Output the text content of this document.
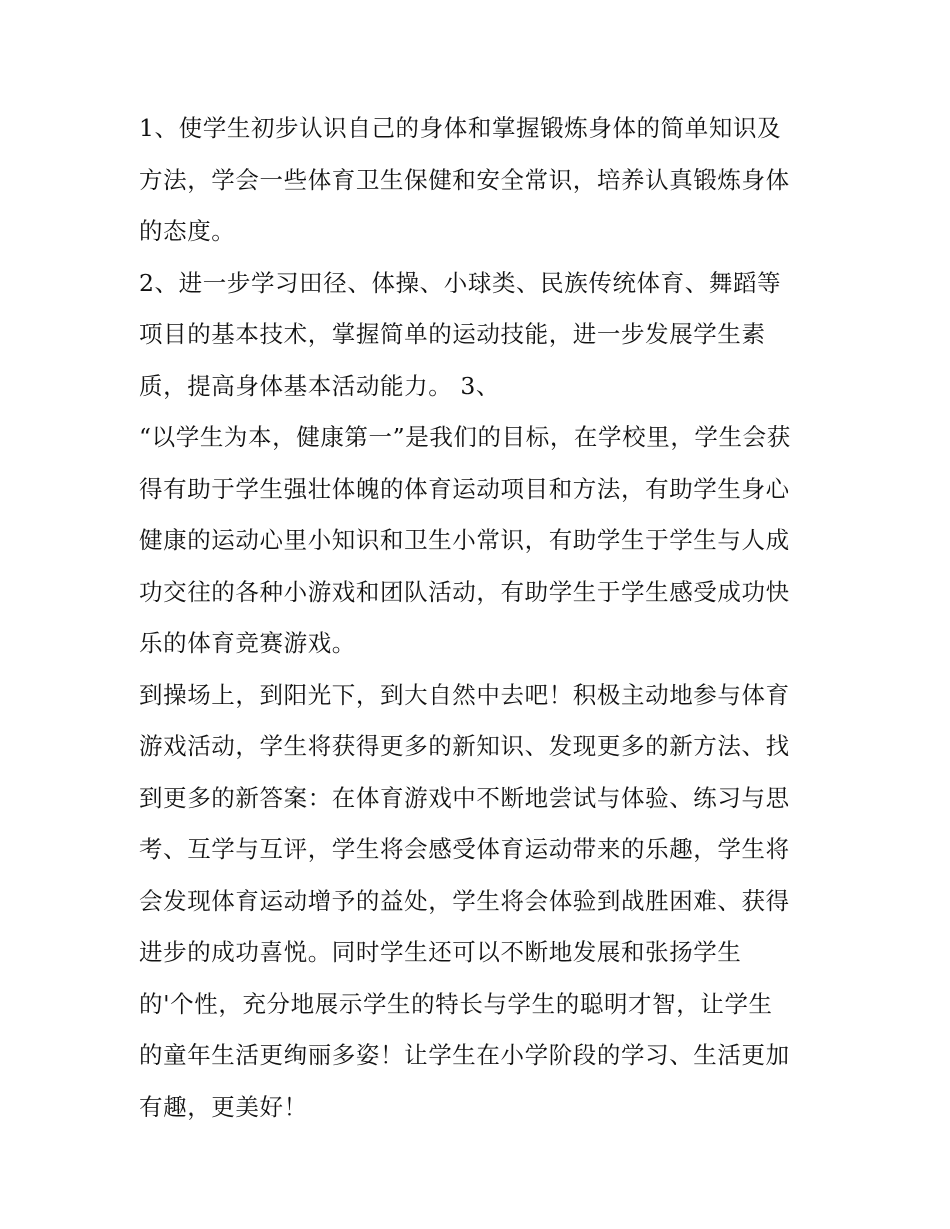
1、使学生初步认识自己的身体和掌握锻炼身体的简单知识及
方法，学会一些体育卫生保健和安全常识，培养认真锻炼身体
的态度。
2、进一步学习田径、体操、小球类、民族传统体育、舞蹈等
项目的基本技术，掌握简单的运动技能，进一步发展学生素
质，提高身体基本活动能力。 3、
“以学生为本，健康第一”是我们的目标，在学校里，学生会获
得有助于学生强壮体魄的体育运动项目和方法，有助学生身心
健康的运动心里小知识和卫生小常识，有助学生于学生与人成
功交往的各种小游戏和团队活动，有助学生于学生感受成功快
乐的体育竞赛游戏。
到操场上，到阳光下，到大自然中去吧！积极主动地参与体育
游戏活动，学生将获得更多的新知识、发现更多的新方法、找
到更多的新答案：在体育游戏中不断地尝试与体验、练习与思
考、互学与互评，学生将会感受体育运动带来的乐趣，学生将
会发现体育运动增予的益处，学生将会体验到战胜困难、获得
进步的成功喜悦。同时学生还可以不断地发展和张扬学生
的'个性，充分地展示学生的特长与学生的聪明才智，让学生
的童年生活更绚丽多姿！让学生在小学阶段的学习、生活更加
有趣，更美好！
